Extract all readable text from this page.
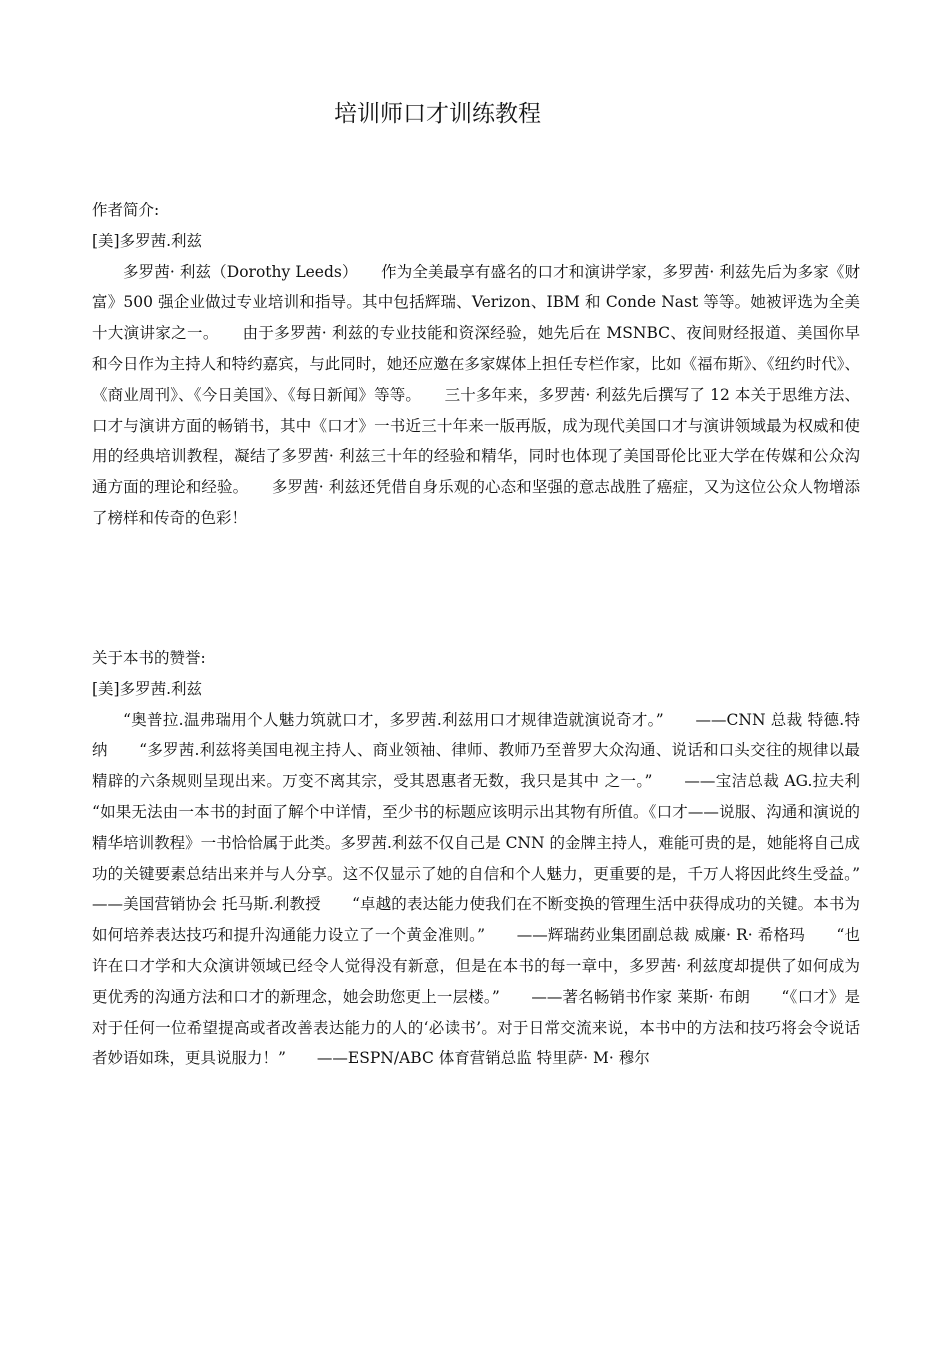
培训师口才训练教程
作者简介:
[美]多罗茜.利兹

多罗茜· 利兹（Dorothy Leeds）　　作为全美最享有盛名的口才和演讲学家，多罗茜· 利兹先后为多家《财富》500 强企业做过专业培训和指导。其中包括辉瑞、Verizon、IBM 和 Conde Nast 等等。她被评选为全美十大演讲家之一。　　由于多罗茜· 利兹的专业技能和资深经验，她先后在 MSNBC、夜间财经报道、美国你早和今日作为主持人和特约嘉宾，与此同时，她还应邀在多家媒体上担任专栏作家，比如《福布斯》、《纽约时代》、《商业周刊》、《今日美国》、《每日新闻》等等。　　三十多年来，多罗茜· 利兹先后撰写了 12 本关于思维方法、口才与演讲方面的畅销书，其中《口才》一书近三十年来一版再版，成为现代美国口才与演讲领域最为权威和使用的经典培训教程，凝结了多罗茜· 利兹三十年的经验和精华，同时也体现了美国哥伦比亚大学在传媒和公众沟通方面的理论和经验。　　多罗茜· 利兹还凭借自身乐观的心态和坚强的意志战胜了癌症，又为这位公众人物增添了榜样和传奇的色彩！

关于本书的赞誉:
[美]多罗茜.利兹

“奥普拉.温弗瑞用个人魅力筑就口才，多罗茜.利兹用口才规律造就演说奇才。”　　——CNN 总裁 特德.特纳　　“多罗茜.利兹将美国电视主持人、商业领袖、律师、教师乃至普罗大众沟通、说话和口头交往的规律以最精辟的六条规则呈现出来。万变不离其宗，受其恩惠者无数，我只是其中 之一。”　　——宝洁总裁 AG.拉夫利　　“如果无法由一本书的封面了解个中详情，至少书的标题应该明示出其物有所值。《口才——说服、沟通和演说的精华培训教程》一书恰恰属于此类。多罗茜.利兹不仅自己是 CNN 的金牌主持人，难能可贵的是，她能将自己成功的关键要素总结出来并与人分享。这不仅显示了她的自信和个人魅力，更重要的是，千万人将因此终生受益。”　　——美国营销协会 托马斯.利教授　　“卓越的表达能力使我们在不断变换的管理生活中获得成功的关键。本书为如何培养表达技巧和提升沟通能力设立了一个黄金准则。”　　——辉瑞药业集团副总裁 威廉· R· 希格玛　　“也许在口才学和大众演讲领域已经令人觉得没有新意，但是在本书的每一章中，多罗茜· 利兹度却提供了如何成为更优秀的沟通方法和口才的新理念，她会助您更上一层楼。”　　——著名畅销书作家 莱斯· 布朗　　“《口才》是对于任何一位希望提高或者改善表达能力的人的‘必读书’。对于日常交流来说，本书中的方法和技巧将会令说话者妙语如珠，更具说服力！”　　——ESPN/ABC 体育营销总监 特里萨· M· 穆尔
